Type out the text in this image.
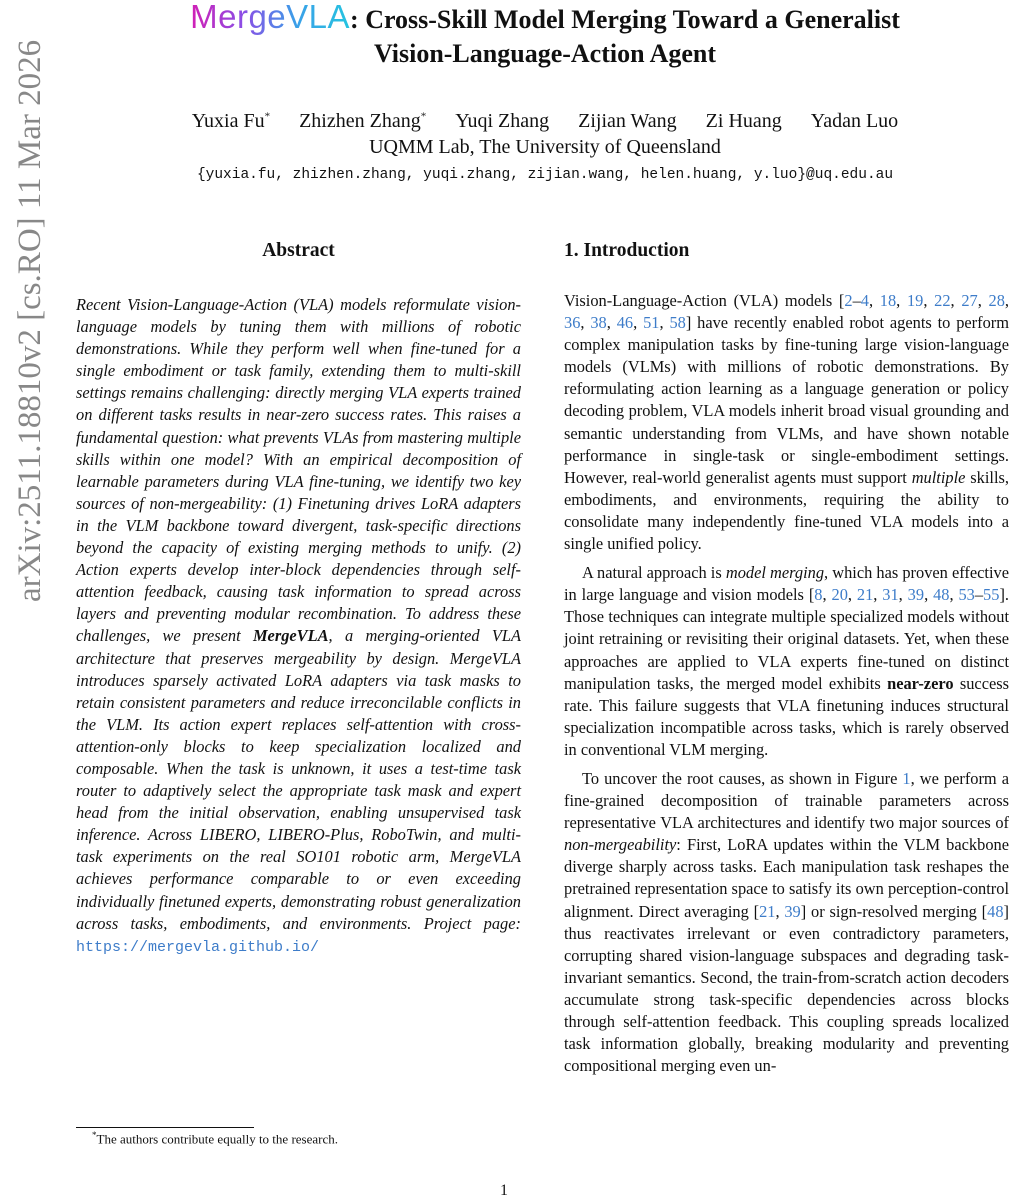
MergeVLA: Cross-Skill Model Merging Toward a Generalist
Vision-Language-Action Agent
Yuxia Fu* Zhizhen Zhang* Yuqi Zhang Zijian Wang Zi Huang Yadan Luo
UQMM Lab, The University of Queensland
{yuxia.fu, zhizhen.zhang, yuqi.zhang, zijian.wang, helen.huang, y.luo}@uq.edu.au
arXiv:2511.18810v2 [cs.RO] 11 Mar 2026	Abstract

Recent Vision-Language-Action (VLA) models reformulate vision-language models by tuning them with millions of robotic demonstrations. While they perform well when fine-tuned for a single embodiment or task family, extending them to multi-skill settings remains challenging: directly merging VLA experts trained on different tasks results in near-zero success rates. This raises a fundamental question: what prevents VLAs from mastering multiple skills within one model? With an empirical decomposition of learnable parameters during VLA fine-tuning, we identify two key sources of non-mergeability: (1) Finetuning drives LoRA adapters in the VLM backbone toward divergent, task-specific directions beyond the capacity of existing merging methods to unify. (2) Action experts develop inter-block dependencies through self-attention feedback, causing task information to spread across layers and preventing modular recombination. To address these challenges, we present MergeVLA, a merging-oriented VLA architecture that preserves mergeability by design. MergeVLA introduces sparsely activated LoRA adapters via task masks to retain consistent parameters and reduce irreconcilable conflicts in the VLM. Its action expert replaces self-attention with cross-attention-only blocks to keep specialization localized and composable. When the task is unknown, it uses a test-time task router to adaptively select the appropriate task mask and expert head from the initial observation, enabling unsupervised task inference. Across LIBERO, LIBERO-Plus, RoboTwin, and multi-task experiments on the real SO101 robotic arm, MergeVLA achieves performance comparable to or even exceeding individually finetuned experts, demonstrating robust generalization across tasks, embodiments, and environments. Project page: https://mergevla.github.io/

1. Introduction

Vision-Language-Action (VLA) models [2–4, 18, 19, 22, 27, 28, 36, 38, 46, 51, 58] have recently enabled robot agents to perform complex manipulation tasks by fine-tuning large vision-language models (VLMs) with millions of robotic demonstrations. By reformulating action learning as a language generation or policy decoding problem, VLA models inherit broad visual grounding and semantic understanding from VLMs, and have shown notable performance in single-task or single-embodiment settings. However, real-world generalist agents must support multiple skills, embodiments, and environments, requiring the ability to consolidate many independently fine-tuned VLA models into a single unified policy.

A natural approach is model merging, which has proven effective in large language and vision models [8, 20, 21, 31, 39, 48, 53–55]. Those techniques can integrate multiple specialized models without joint retraining or revisiting their original datasets. Yet, when these approaches are applied to VLA experts fine-tuned on distinct manipulation tasks, the merged model exhibits near-zero success rate. This failure suggests that VLA finetuning induces structural specialization incompatible across tasks, which is rarely observed in conventional VLM merging.

To uncover the root causes, as shown in Figure 1, we perform a fine-grained decomposition of trainable parameters across representative VLA architectures and identify two major sources of non-mergeability: First, LoRA updates within the VLM backbone diverge sharply across tasks. Each manipulation task reshapes the pretrained representation space to satisfy its own perception-control alignment. Direct averaging [21, 39] or sign-resolved merging [48] thus reactivates irrelevant or even contradictory parameters, corrupting shared vision-language subspaces and degrading task-invariant semantics. Second, the train-from-scratch action decoders accumulate strong task-specific dependencies across blocks through self-attention feedback. This coupling spreads localized task information globally, breaking modularity and preventing compositional merging even un-

*The authors contribute equally to the research.
1
